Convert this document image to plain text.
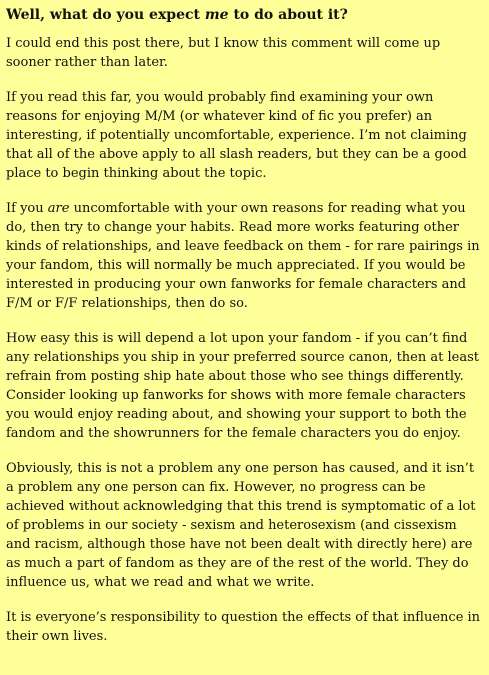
Well, what do you expect me to do about it?

I could end this post there, but I know this comment will come up sooner rather than later.

If you read this far, you would probably find examining your own reasons for enjoying M/M (or whatever kind of fic you prefer) an interesting, if potentially uncomfortable, experience. I’m not claiming that all of the above apply to all slash readers, but they can be a good place to begin thinking about the topic.

If you are uncomfortable with your own reasons for reading what you do, then try to change your habits. Read more works featuring other kinds of relationships, and leave feedback on them - for rare pairings in your fandom, this will normally be much appreciated. If you would be interested in producing your own fanworks for female characters and F/M or F/F relationships, then do so.

How easy this is will depend a lot upon your fandom - if you can’t find any relationships you ship in your preferred source canon, then at least refrain from posting ship hate about those who see things differently. Consider looking up fanworks for shows with more female characters you would enjoy reading about, and showing your support to both the fandom and the showrunners for the female characters you do enjoy.

Obviously, this is not a problem any one person has caused, and it isn’t a problem any one person can fix. However, no progress can be achieved without acknowledging that this trend is symptomatic of a lot of problems in our society - sexism and heterosexism (and cissexism and racism, although those have not been dealt with directly here) are as much a part of fandom as they are of the rest of the world. They do influence us, what we read and what we write.

It is everyone’s responsibility to question the effects of that influence in their own lives.
